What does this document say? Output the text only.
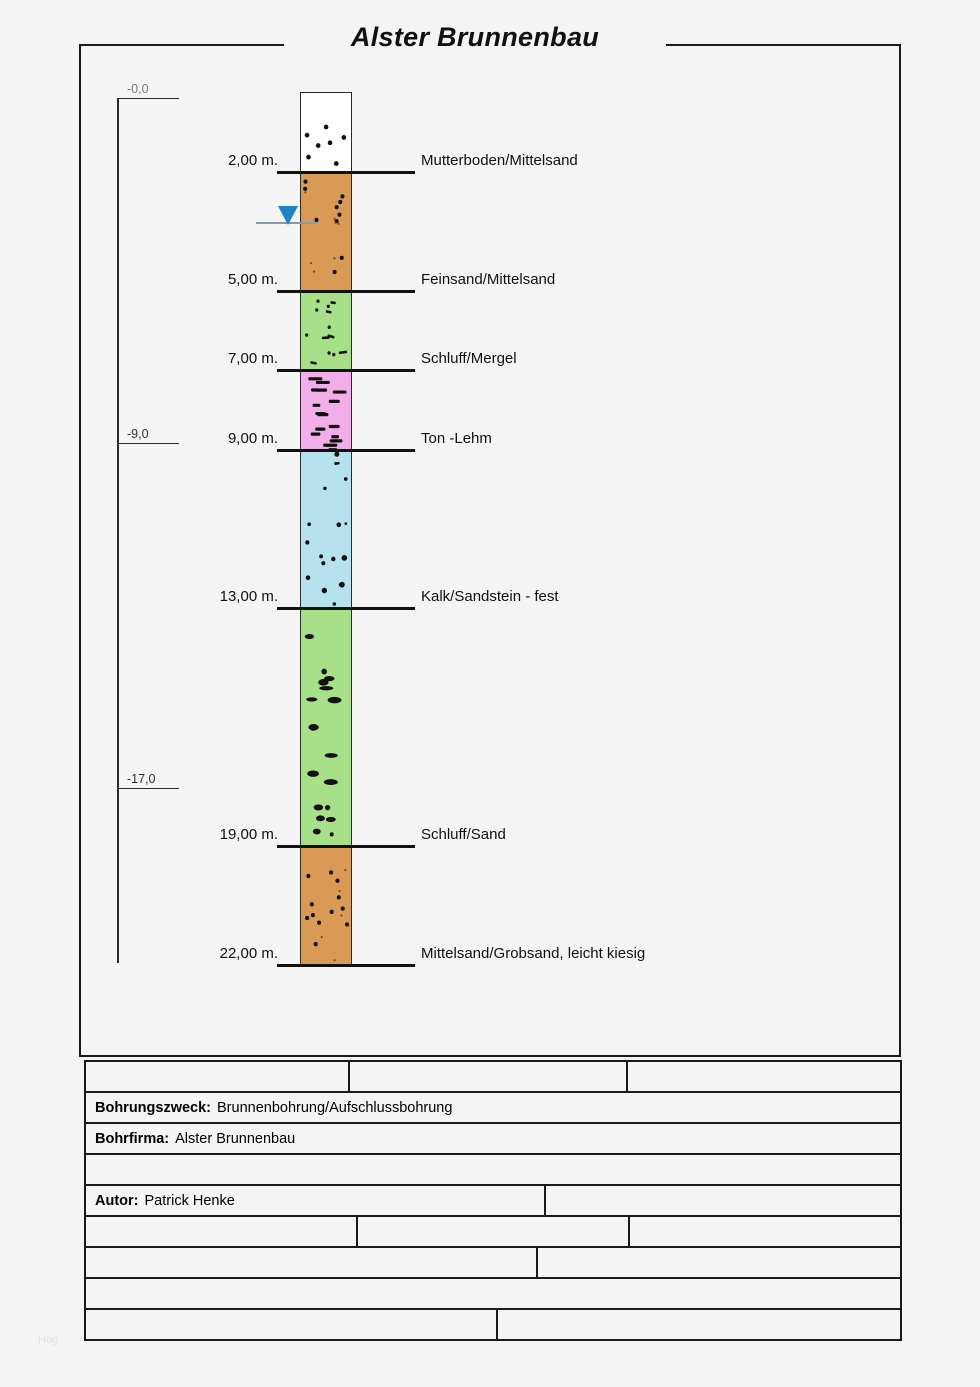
Alster Brunnenbau
-0,0
-9,0
-17,0
2,00 m.	Mutterboden/Mittelsand
5,00 m.	Feinsand/Mittelsand
7,00 m.	Schluff/Mergel
9,00 m.	Ton -Lehm
13,00 m.	Kalk/Sandstein - fest
19,00 m.	Schluff/Sand
22,00 m.	Mittelsand/Grobsand, leicht kiesig
Bohrungszweck: Brunnenbohrung/Aufschlussbohrung
Bohrfirma: Alster Brunnenbau
Autor: Patrick Henke
Hog
